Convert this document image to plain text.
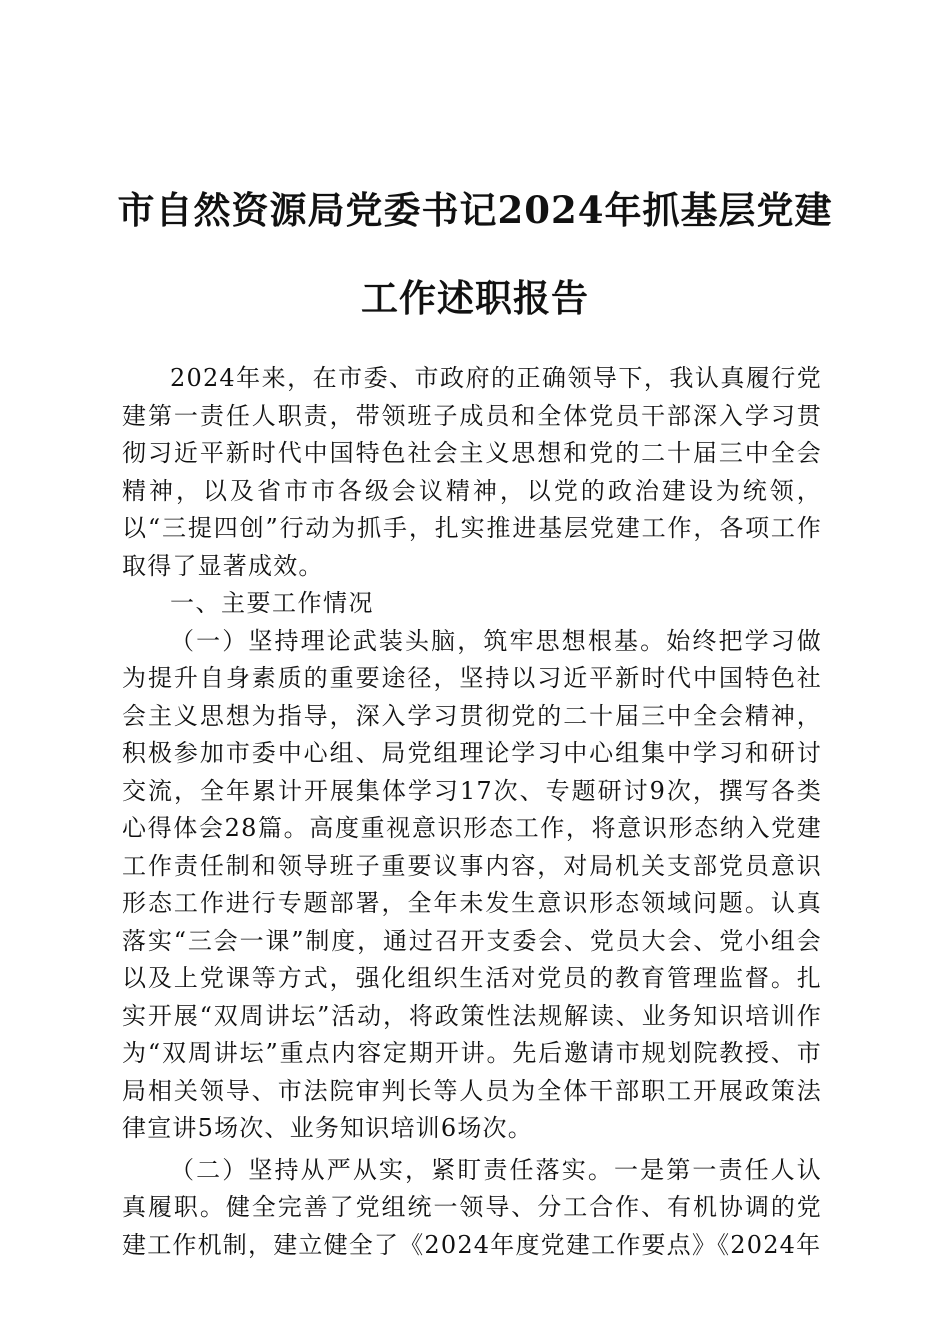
市自然资源局党委书记2024年抓基层党建工作述职报告

2024年来，在市委、市政府的正确领导下，我认真履行党建第一责任人职责，带领班子成员和全体党员干部深入学习贯彻习近平新时代中国特色社会主义思想和党的二十届三中全会精神，以及省市市各级会议精神，以党的政治建设为统领，以“三提四创”行动为抓手，扎实推进基层党建工作，各项工作取得了显著成效。

一、主要工作情况

（一）坚持理论武装头脑，筑牢思想根基。始终把学习做为提升自身素质的重要途径，坚持以习近平新时代中国特色社会主义思想为指导，深入学习贯彻党的二十届三中全会精神，积极参加市委中心组、局党组理论学习中心组集中学习和研讨交流，全年累计开展集体学习17次、专题研讨9次，撰写各类心得体会28篇。高度重视意识形态工作，将意识形态纳入党建工作责任制和领导班子重要议事内容，对局机关支部党员意识形态工作进行专题部署，全年未发生意识形态领域问题。认真落实“三会一课”制度，通过召开支委会、党员大会、党小组会以及上党课等方式，强化组织生活对党员的教育管理监督。扎实开展“双周讲坛”活动，将政策性法规解读、业务知识培训作为“双周讲坛”重点内容定期开讲。先后邀请市规划院教授、市局相关领导、市法院审判长等人员为全体干部职工开展政策法律宣讲5场次、业务知识培训6场次。

（二）坚持从严从实，紧盯责任落实。一是第一责任人认真履职。健全完善了党组统一领导、分工合作、有机协调的党建工作机制，建立健全了《2024年度党建工作要点》《2024年
